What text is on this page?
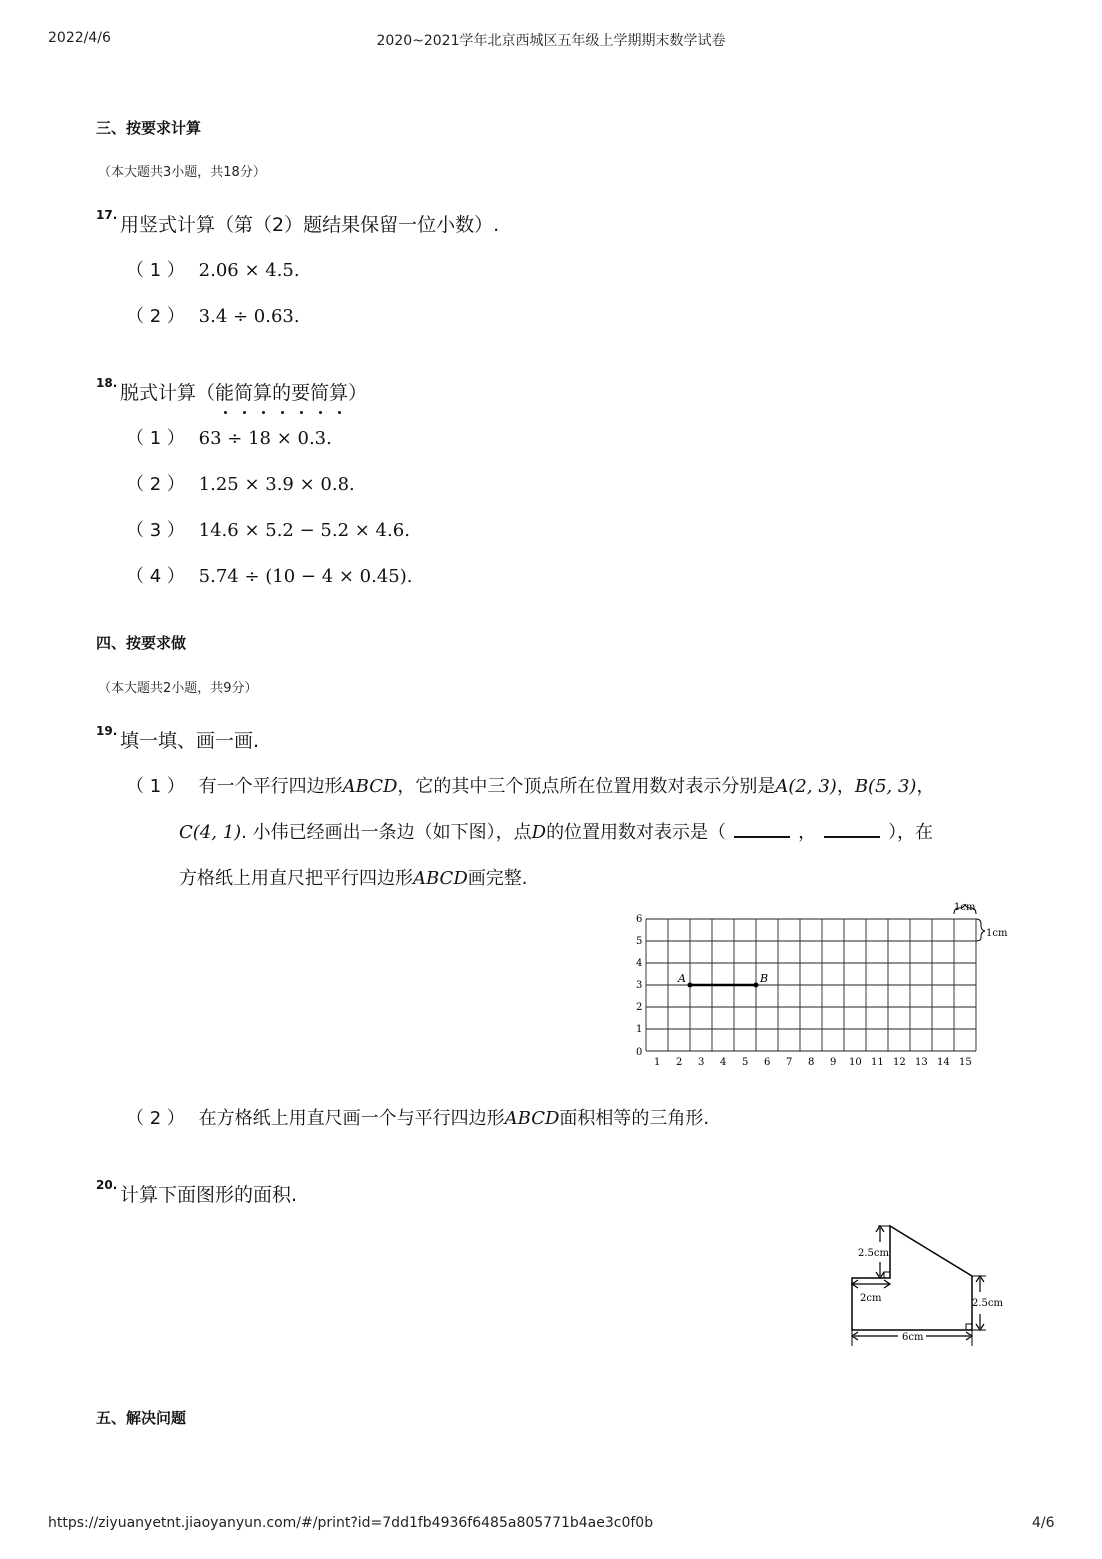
2022/4/6	2020~2021学年北京西城区五年级上学期期末数学试卷
三、按要求计算
（本大题共3小题，共18分）
17. 用竖式计算（第（2）题结果保留一位小数）.
（ 1 ） 2.06 × 4.5.
（ 2 ） 3.4 ÷ 0.63.
18. 脱式计算（能简算的要简算）
（ 1 ） 63 ÷ 18 × 0.3.
（ 2 ） 1.25 × 3.9 × 0.8.
（ 3 ） 14.6 × 5.2 − 5.2 × 4.6.
（ 4 ） 5.74 ÷ (10 − 4 × 0.45).
四、按要求做
（本大题共2小题，共9分）
19. 填一填、画一画.
（ 1 ） 有一个平行四边形ABCD，它的其中三个顶点所在位置用数对表示分别是A(2, 3)，B(5, 3)，
C(4, 1). 小伟已经画出一条边（如下图），点D的位置用数对表示是（	，	），在
方格纸上用直尺把平行四边形ABCD画完整.
1 2 3 4 5 6 7 8 9 10 11 12 13 14 15
0
1
2
3
4
5
6
A	B
1cm
1cm
（ 2 ） 在方格纸上用直尺画一个与平行四边形ABCD面积相等的三角形.
20. 计算下面图形的面积.
2.5cm
2cm	2.5cm
6cm
五、解决问题
https://ziyuanyetnt.jiaoyanyun.com/#/print?id=7dd1fb4936f6485a805771b4ae3c0f0b	4/6
